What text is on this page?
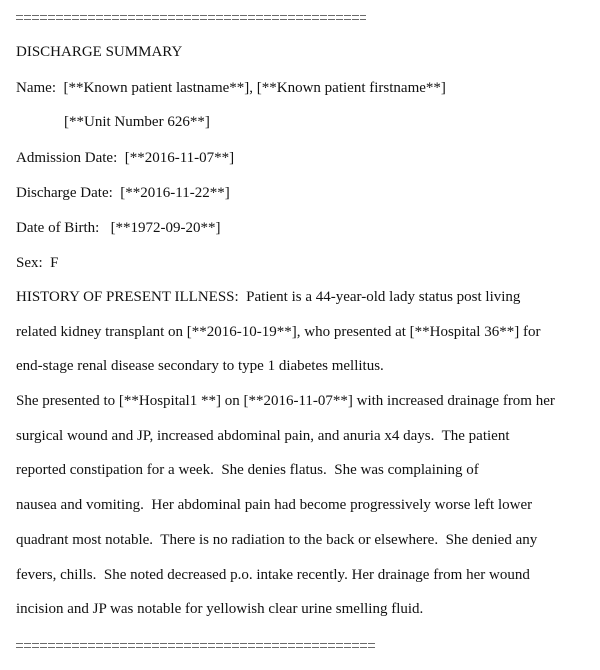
DISCHARGE SUMMARY
Name:  [**Known patient lastname**], [**Known patient firstname**]
[**Unit Number 626**]
Admission Date:  [**2016-11-07**]
Discharge Date:  [**2016-11-22**]
Date of Birth:   [**1972-09-20**]
Sex:  F
HISTORY OF PRESENT ILLNESS:  Patient is a 44-year-old lady status post living
related kidney transplant on [**2016-10-19**], who presented at [**Hospital 36**] for
end-stage renal disease secondary to type 1 diabetes mellitus.
She presented to [**Hospital1 **] on [**2016-11-07**] with increased drainage from her
surgical wound and JP, increased abdominal pain, and anuria x4 days.  The patient
reported constipation for a week.  She denies flatus.  She was complaining of
nausea and vomiting.  Her abdominal pain had become progressively worse left lower
quadrant most notable.  There is no radiation to the back or elsewhere.  She denied any
fevers, chills.  She noted decreased p.o. intake recently. Her drainage from her wound
incision and JP was notable for yellowish clear urine smelling fluid.
